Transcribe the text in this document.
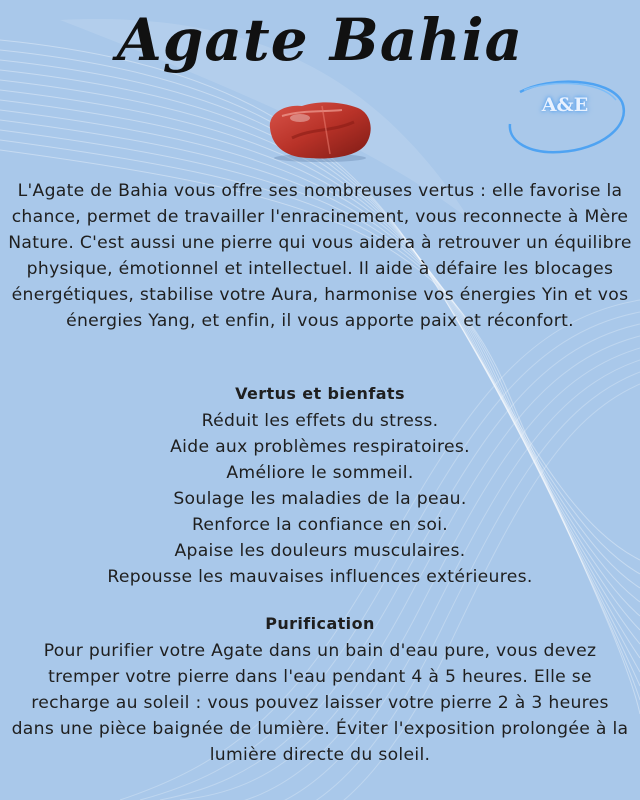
Agate Bahia
A&E
L'Agate de Bahia vous offre ses nombreuses vertus : elle favorise la chance, permet de travailler l'enracinement, vous reconnecte à Mère Nature. C'est aussi une pierre qui vous aidera à retrouver un équilibre physique, émotionnel et intellectuel. Il aide à défaire les blocages énergétiques, stabilise votre Aura, harmonise vos énergies Yin et vos énergies Yang, et enfin, il vous apporte paix et réconfort.
Vertus et bienfats
Réduit les effets du stress.
Aide aux problèmes respiratoires.
Améliore le sommeil.
Soulage les maladies de la peau.
Renforce la confiance en soi.
Apaise les douleurs musculaires.
Repousse les mauvaises influences extérieures.
Purification
Pour purifier votre Agate dans un bain d'eau pure, vous devez tremper votre pierre dans l'eau pendant 4 à 5 heures. Elle se recharge au soleil : vous pouvez laisser votre pierre 2 à 3 heures dans une pièce baignée de lumière. Éviter l'exposition prolongée à la lumière directe du soleil.
